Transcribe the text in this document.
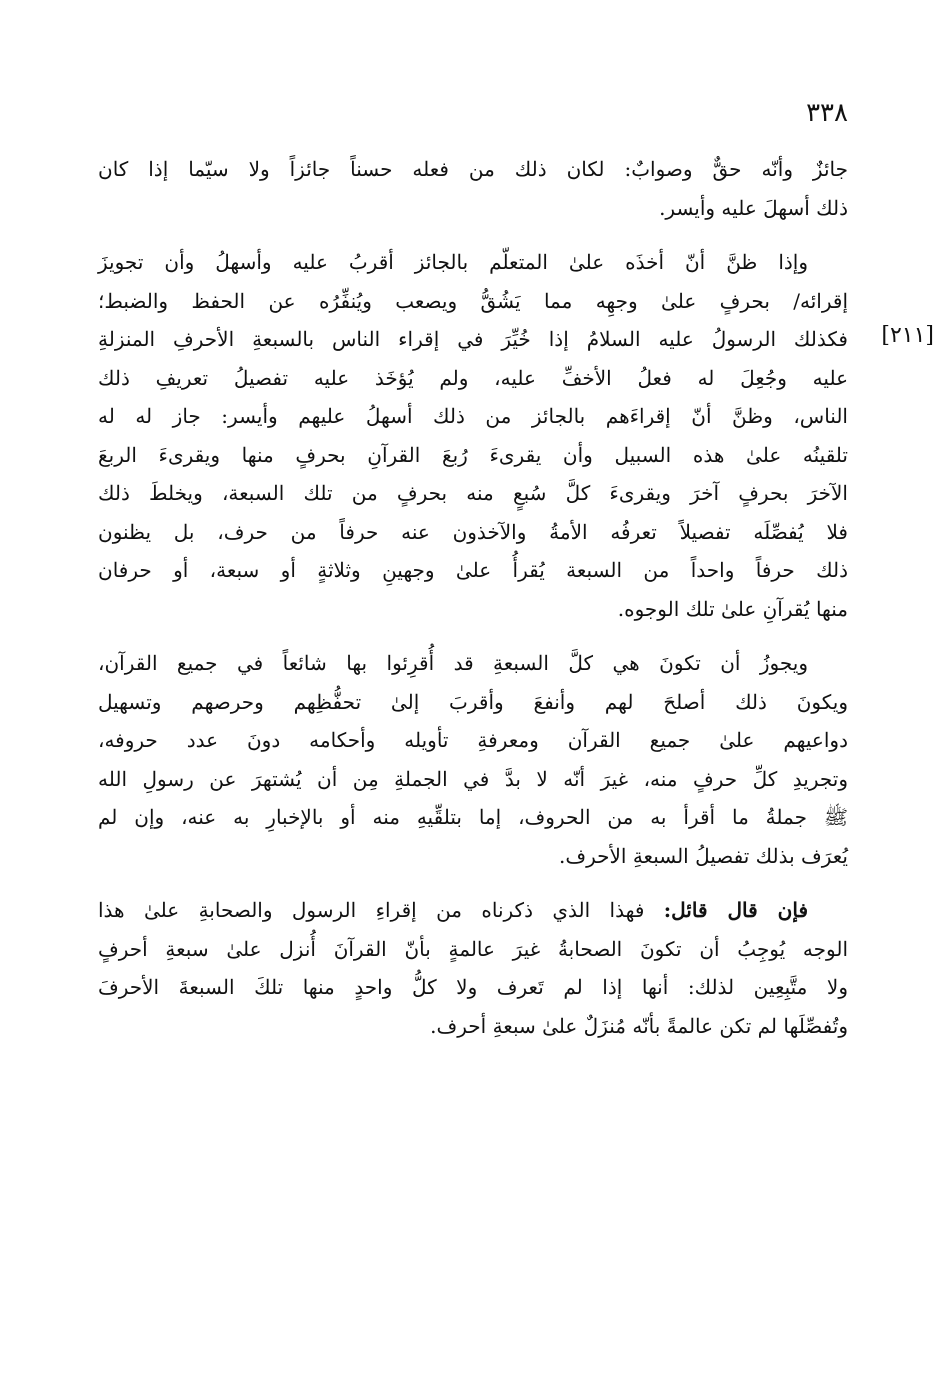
٣٣٨
[٢١١]

جائزٌ وأنّه حقٌّ وصوابٌ: لكان ذلك من فعله حسناً جائزاً ولا سيّما إذا كان
ذلك أسهلَ عليه وأيسر.

وإذا ظنَّ أنّ أخذَه علىٰ المتعلّم بالجائز أقربُ عليه وأسهلُ وأن تجويزَ
إقرائه/ بحرفٍ علىٰ وجهِه مما يَشُقُّ ويصعب ويُنفِّرُه عن الحفظ والضبط؛
فكذلك الرسولُ عليه السلامُ إذا خُيِّرَ في إقراء الناس بالسبعةِ الأحرفِ المنزلةِ
عليه وجُعِلَ له فعلُ الأخفِّ عليه، ولم يُؤخَذ عليه تفصيلُ تعريفِ ذلك
الناس، وظنَّ أنّ إقراءَهم بالجائز من ذلك أسهلُ عليهم وأيسر: جاز له له
تلقينُه علىٰ هذه السبيل وأن يقرىءَ رُبعَ القرآنِ بحرفٍ منها ويقرىءَ الربعَ
الآخرَ بحرفٍ آخرَ ويقرىءَ كلَّ سُبعٍ منه بحرفٍ من تلك السبعة، ويخلطَ ذلك
فلا يُفصِّلَه تفصيلاً تعرفُه الأمةُ والآخذون عنه حرفاً من حرف، بل يظنون
ذلك حرفاً واحداً من السبعة يُقرأُ علىٰ وجهينِ وثلاثةٍ أو سبعة، أو حرفان
منها يُقرآنِ علىٰ تلك الوجوه.

ويجوزُ أن تكونَ هي كلَّ السبعةِ قد أُقرِئوا بها شائعاً في جميع القرآن،
ويكونَ ذلك أصلحَ لهم وأنفعَ وأقربَ إلىٰ تحفُّظِهم وحرصهم وتسهيل
دواعيهم علىٰ جميع القرآن ومعرفةِ تأويله وأحكامه دونَ عدد حروفه،
وتجريدِ كلِّ حرفٍ منه، غيرَ أنّه لا بدَّ في الجملةِ مِن أن يُشتهرَ عن رسولِ الله
ﷺ جملةُ ما أقرأ به من الحروف، إما بتلقِّيهِ منه أو بالإخبارِ به عنه، وإن لم
يُعرَف بذلك تفصيلُ السبعةِ الأحرف.

فإن قال قائل: فهذا الذي ذكرناه من إقراءِ الرسول والصحابةِ علىٰ هذا
الوجه يُوجِبُ أن تكونَ الصحابةُ غيرَ عالمةٍ بأنّ القرآنَ أُنزل علىٰ سبعةِ أحرفٍ
ولا متَّبِعِين لذلك: أنها إذا لم تَعرف ولا كلُّ واحدٍ منها تلكَ السبعةَ الأحرفَ
وتُفصِّلَها لم تكن عالمةً بأنّه مُنزَلٌ علىٰ سبعةِ أحرف.
